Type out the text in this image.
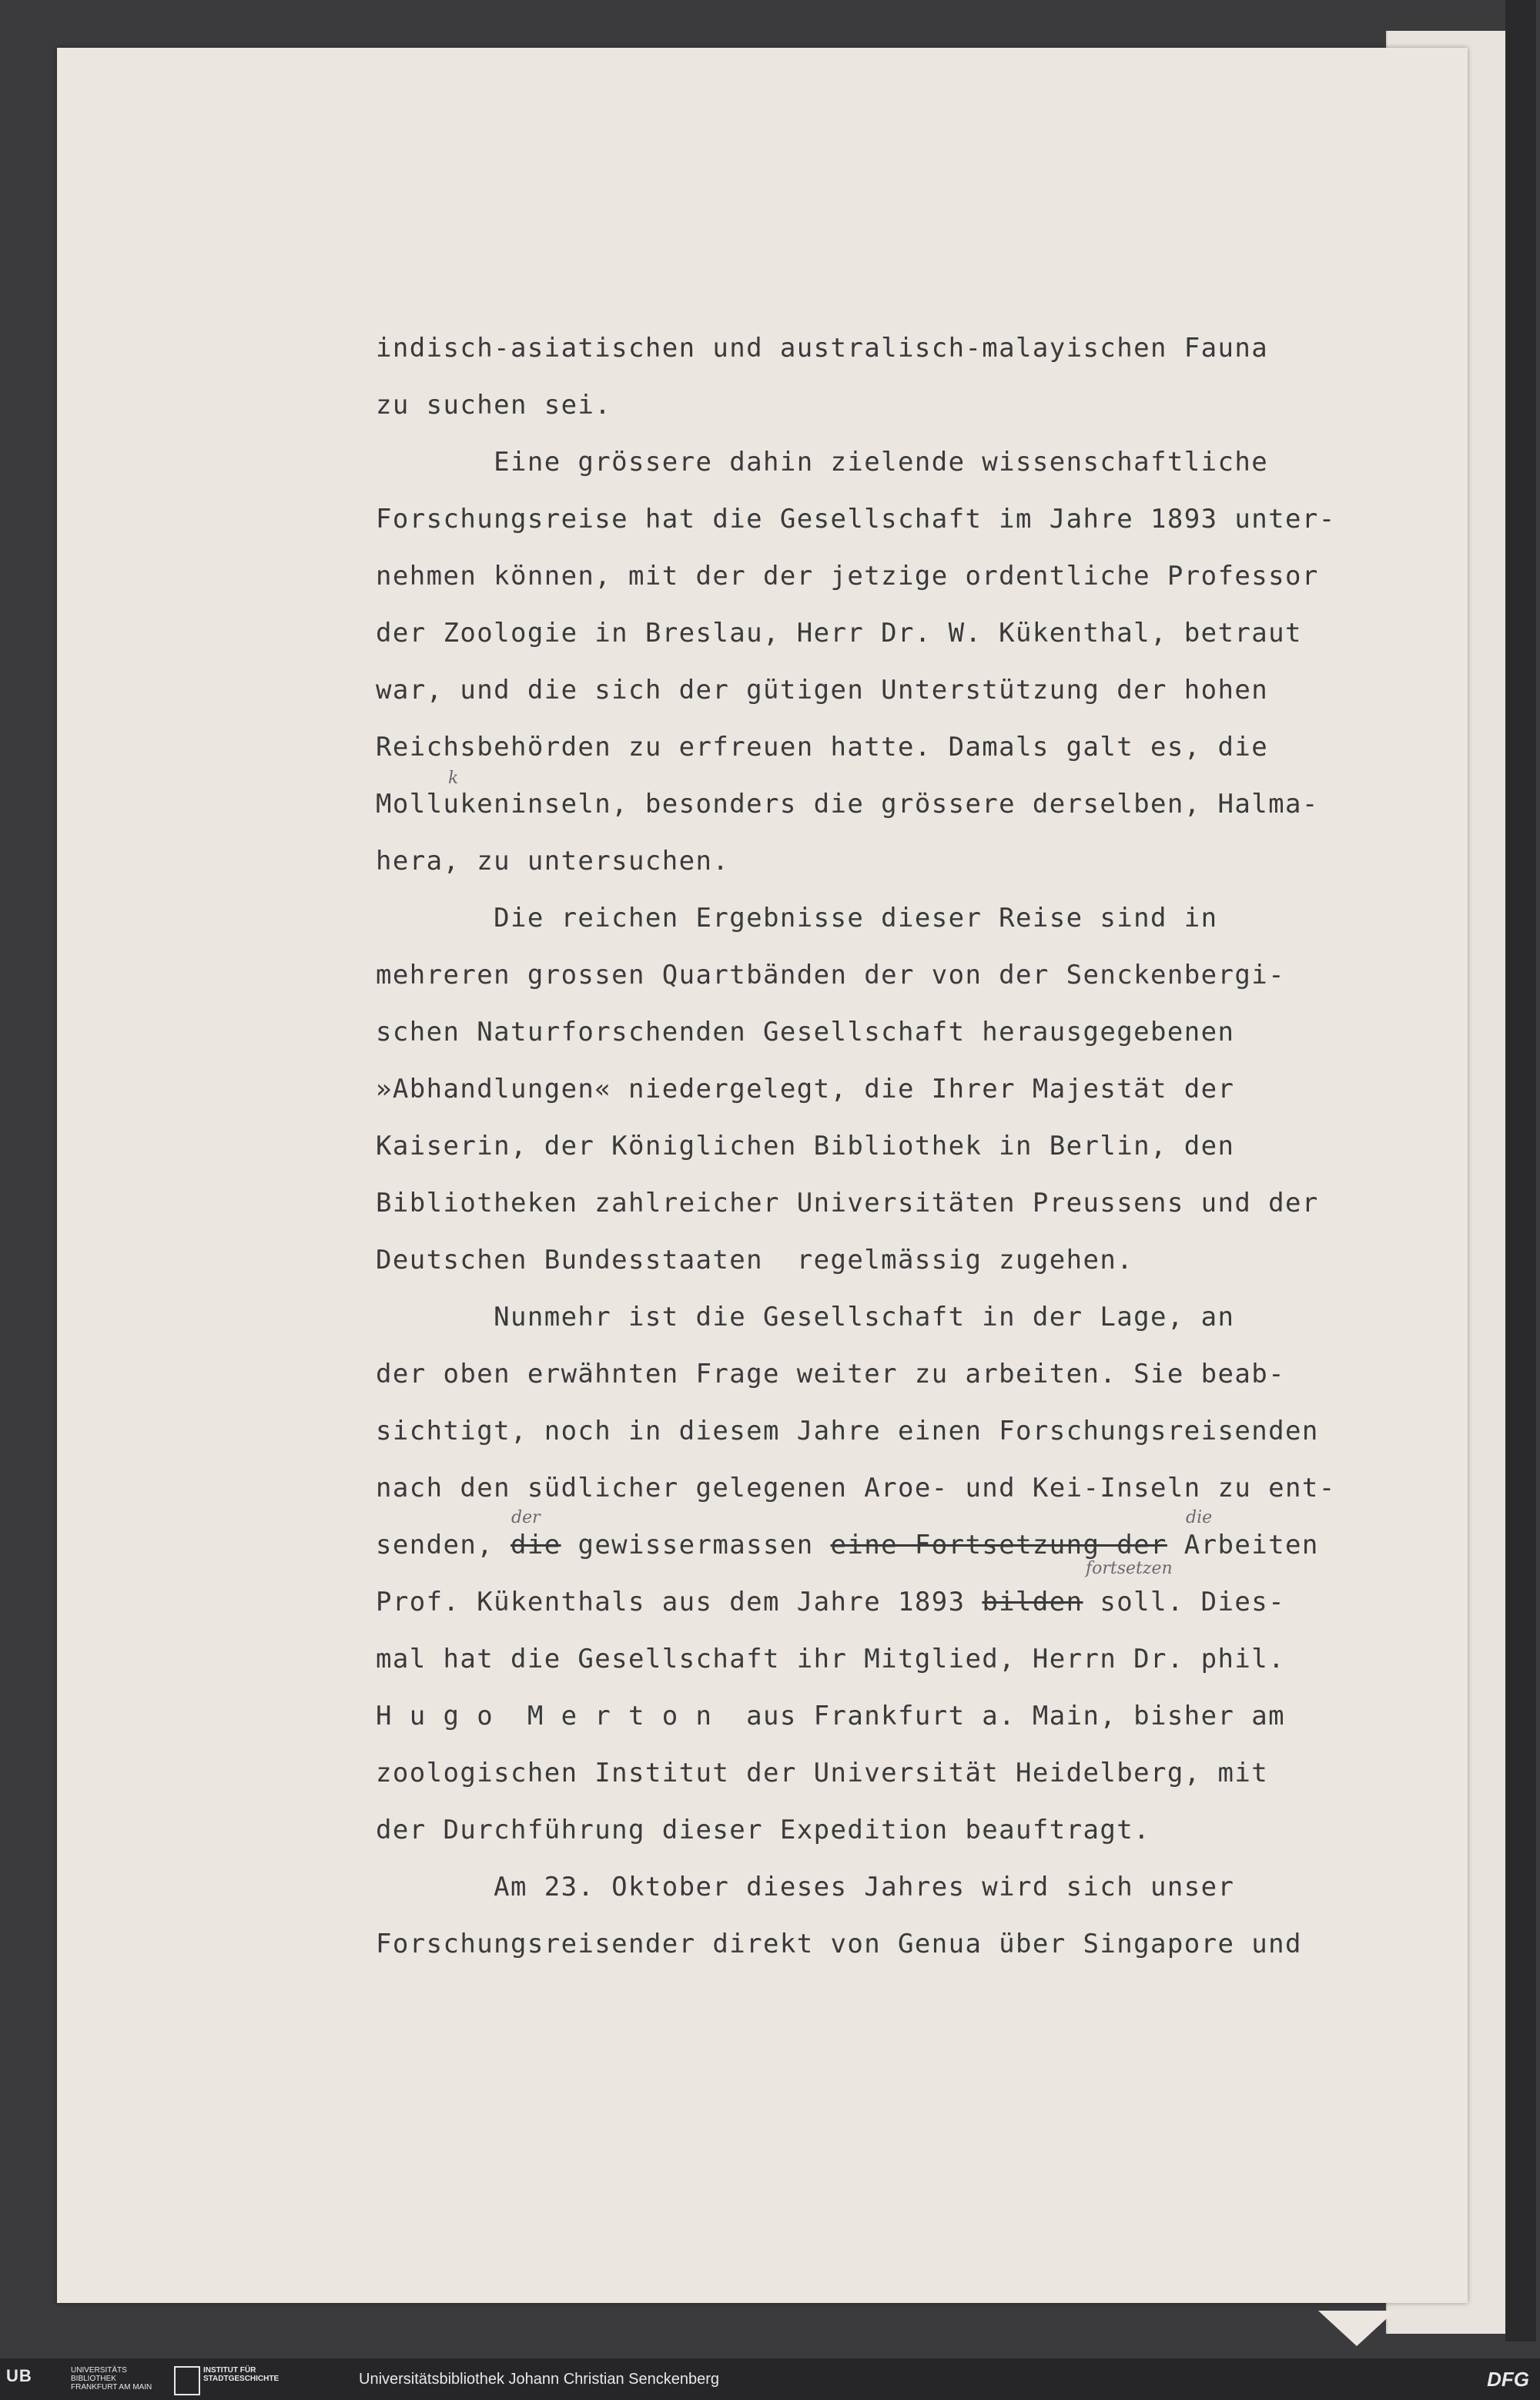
indisch-asiatischen und australisch-malayischen Fauna
zu suchen sei.
Eine grössere dahin zielende wissenschaftliche
Forschungsreise hat die Gesellschaft im Jahre 1893 unter-
nehmen können, mit der der jetzige ordentliche Professor
der Zoologie in Breslau, Herr Dr. W. Kükenthal, betraut
war, und die sich der gütigen Unterstützung der hohen
Reichsbehörden zu erfreuen hatte. Damals galt es, die
Mollukeninseln, besonders die grössere derselben, Halma-
k
hera, zu untersuchen.
Die reichen Ergebnisse dieser Reise sind in
mehreren grossen Quartbänden der von der Senckenbergi-
schen Naturforschenden Gesellschaft herausgegebenen
»Abhandlungen« niedergelegt, die Ihrer Majestät der
Kaiserin, der Königlichen Bibliothek in Berlin, den
Bibliotheken zahlreicher Universitäten Preussens und der
Deutschen Bundesstaaten  regelmässig zugehen.
Nunmehr ist die Gesellschaft in der Lage, an
der oben erwähnten Frage weiter zu arbeiten. Sie beab-
sichtigt, noch in diesem Jahre einen Forschungsreisenden
nach den südlicher gelegenen Aroe- und Kei-Inseln zu ent-
der	die
senden, die gewissermassen eine Fortsetzung der Arbeiten
fortsetzen
Prof. Kükenthals aus dem Jahre 1893 bilden soll. Dies-
mal hat die Gesellschaft ihr Mitglied, Herrn Dr. phil.
H u g o  M e r t o n  aus Frankfurt a. Main, bisher am
zoologischen Institut der Universität Heidelberg, mit
der Durchführung dieser Expedition beauftragt.
Am 23. Oktober dieses Jahres wird sich unser
Forschungsreisender direkt von Genua über Singapore und
UB	UNIVERSITÄTS BIBLIOTHEK FRANKFURT AM MAIN
INSTITUT FÜR STADTGESCHICHTE	Universitätsbibliothek Johann Christian Senckenberg	DFG
